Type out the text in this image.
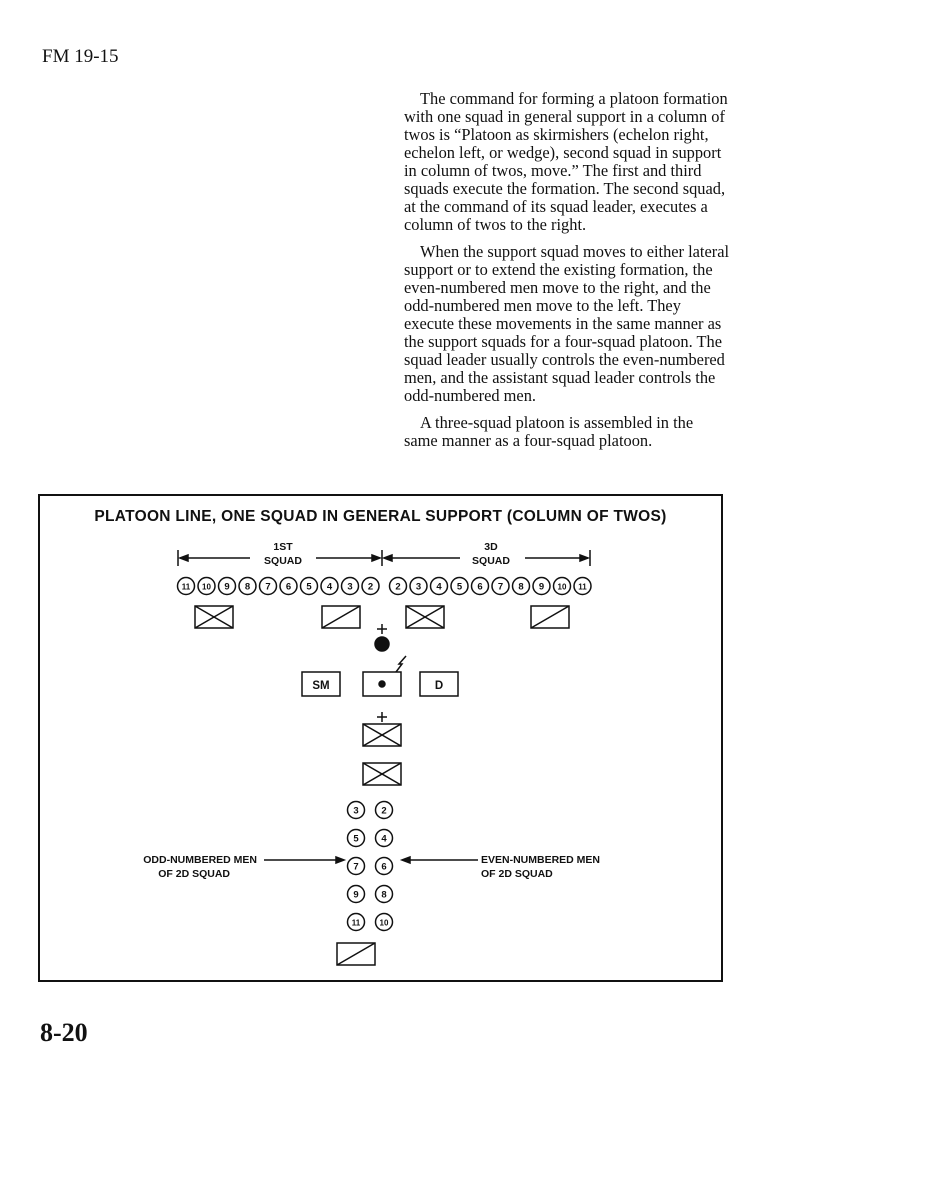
FM 19-15

The command for forming a platoon formation with one squad in general support in a column of twos is “Platoon as skirmishers (echelon right, echelon left, or wedge), second squad in support in column of twos, move.” The first and third squads execute the formation. The second squad, at the command of its squad leader, executes a column of twos to the right.

When the support squad moves to either lateral support or to extend the existing formation, the even-numbered men move to the right, and the odd-numbered men move to the left. They execute these movements in the same manner as the support squads for a four-squad platoon. The squad leader usually controls the even-numbered men, and the assistant squad leader controls the odd-numbered men.

A three-squad platoon is assembled in the same manner as a four-squad platoon.

PLATOON LINE, ONE SQUAD IN GENERAL SUPPORT (COLUMN OF TWOS)
1ST
SQUAD
3D
SQUAD
11 10 9 8 7 6 5 4 3 2 2 3 4 5 6 7 8 9 10 11
SM	D
3 2
5 4
7 6
9 8
11 10
ODD-NUMBERED MEN
OF 2D SQUAD
EVEN-NUMBERED MEN
OF 2D SQUAD
8-20
